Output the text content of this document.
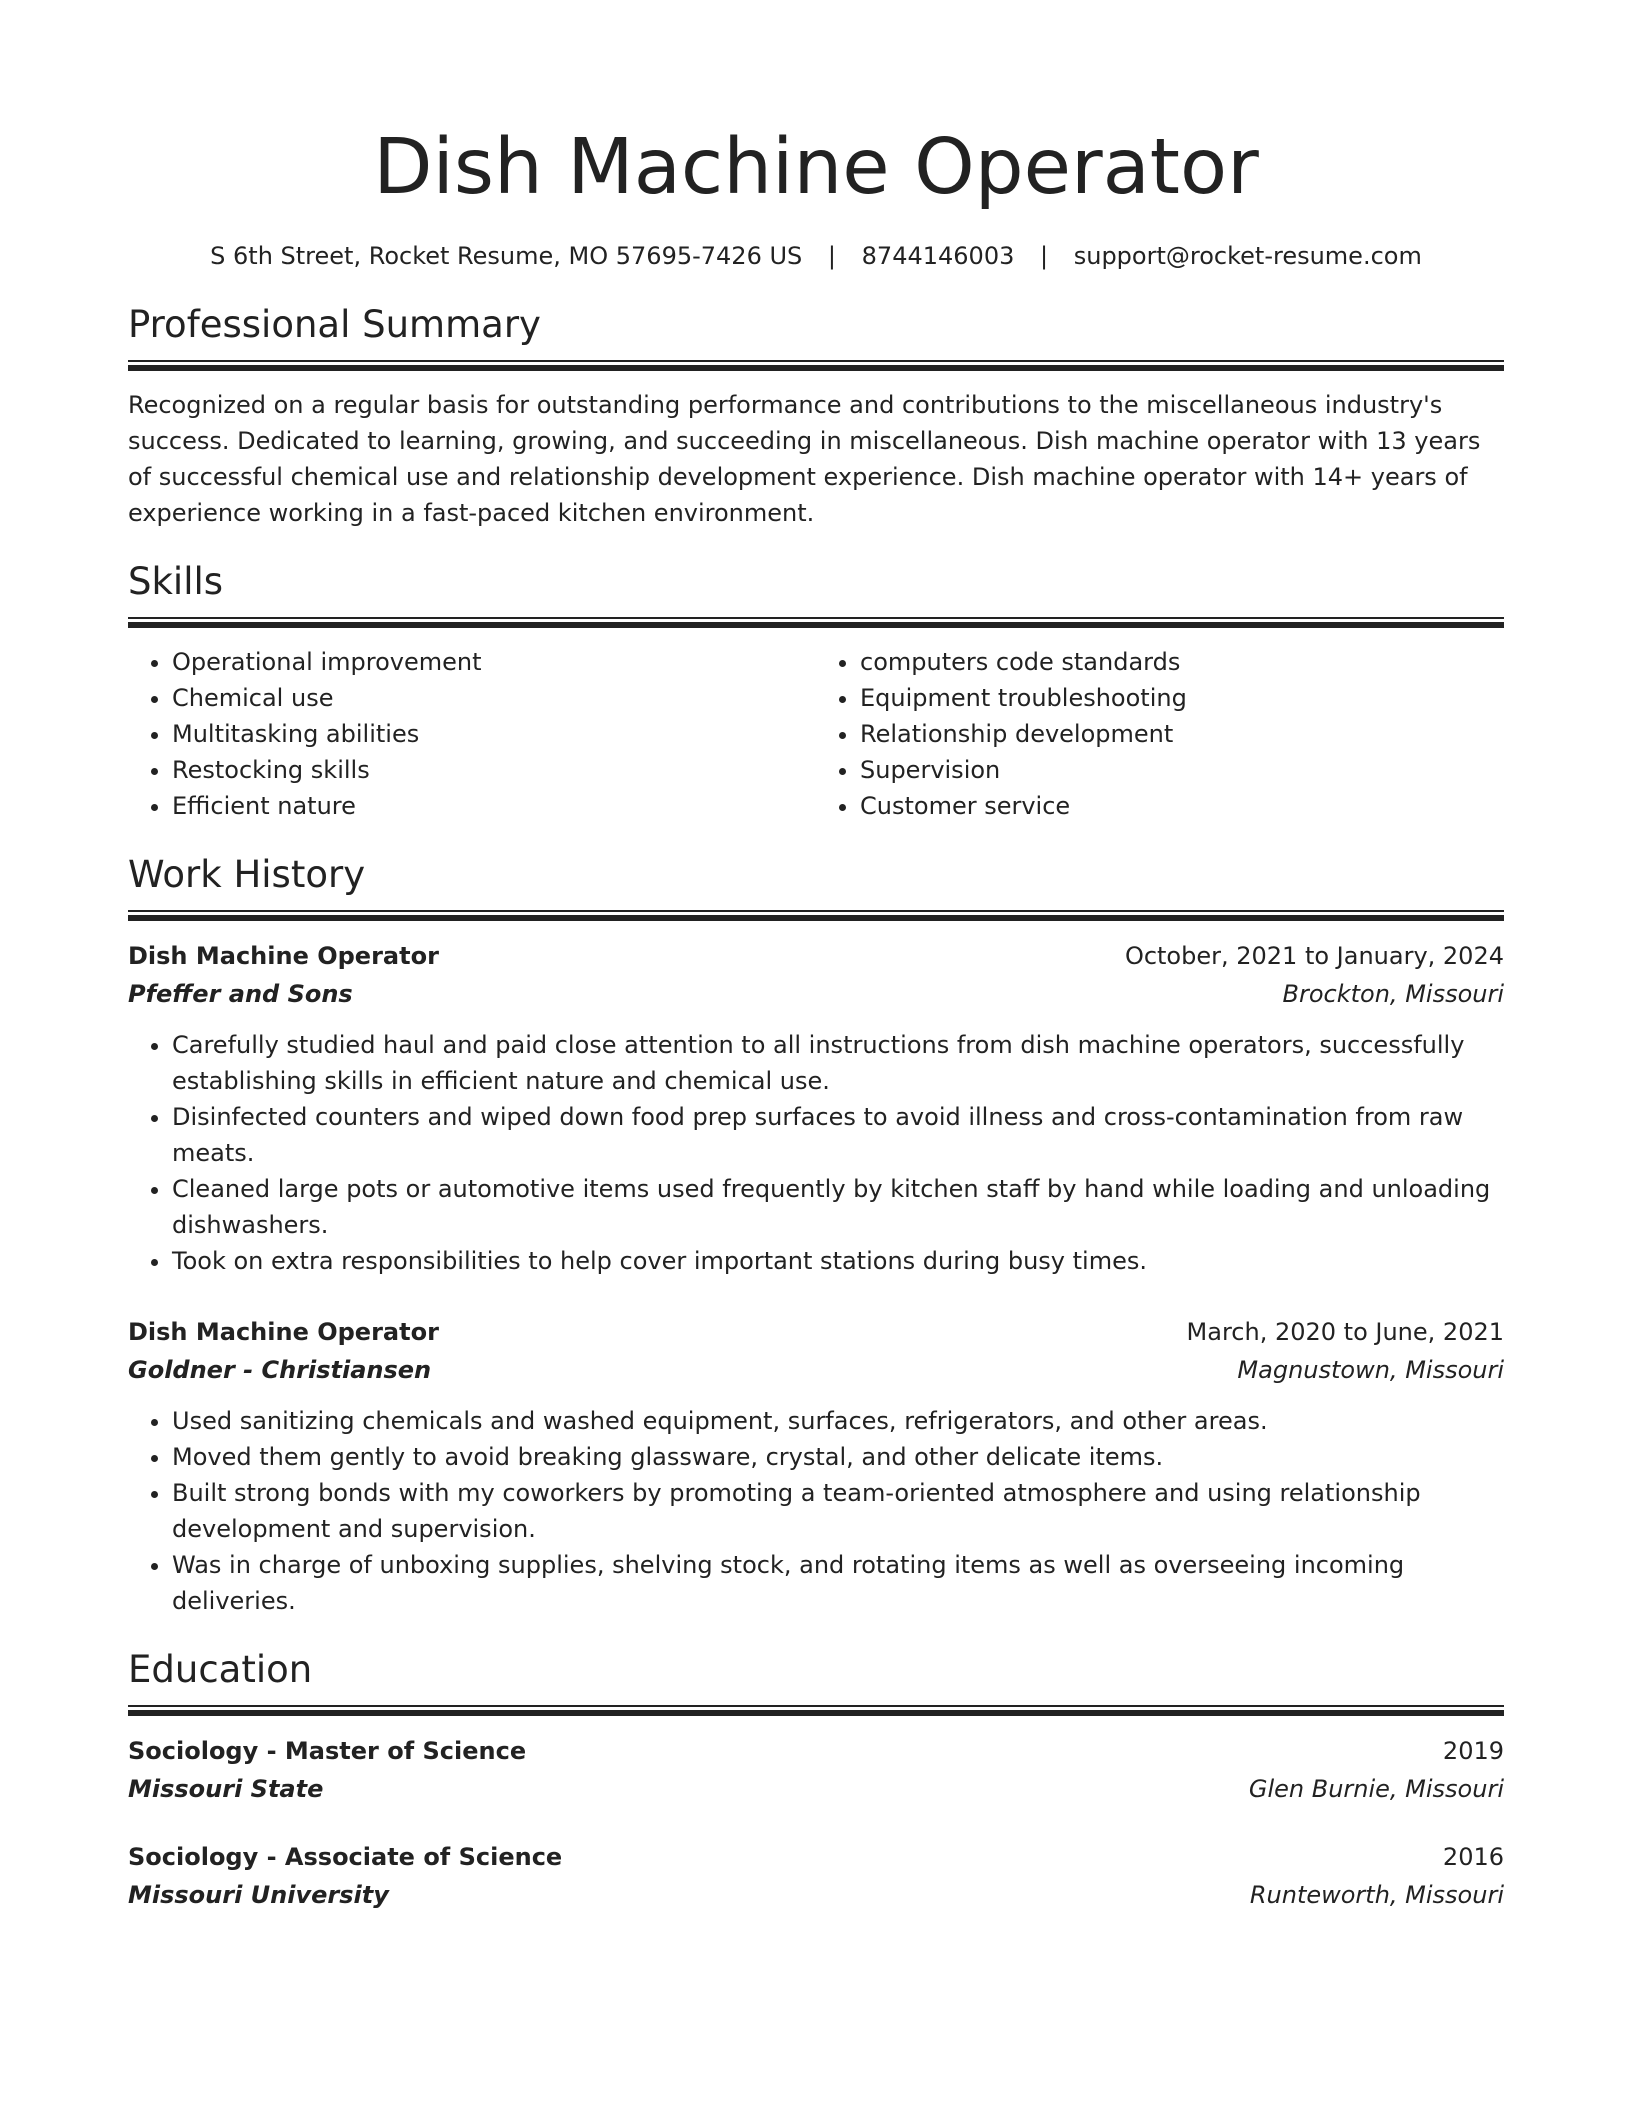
Dish Machine Operator
S 6th Street, Rocket Resume, MO 57695-7426 US | 8744146003 | support@rocket-resume.com
Professional Summary

Recognized on a regular basis for outstanding performance and contributions to the miscellaneous industry's success. Dedicated to learning, growing, and succeeding in miscellaneous. Dish machine operator with 13 years of successful chemical use and relationship development experience. Dish machine operator with 14+ years of experience working in a fast-paced kitchen environment.

Skills
• Operational improvement
• Chemical use
• Multitasking abilities
• Restocking skills
• Efficient nature
• computers code standards
• Equipment troubleshooting
• Relationship development
• Supervision
• Customer service
Work History
Dish Machine Operator	October, 2021 to January, 2024
Pfeffer and Sons	Brockton, Missouri
• Carefully studied haul and paid close attention to all instructions from dish machine operators, successfully establishing skills in efficient nature and chemical use.
• Disinfected counters and wiped down food prep surfaces to avoid illness and cross-contamination from raw meats.
• Cleaned large pots or automotive items used frequently by kitchen staff by hand while loading and unloading dishwashers.
• Took on extra responsibilities to help cover important stations during busy times.
Dish Machine Operator	March, 2020 to June, 2021
Goldner - Christiansen	Magnustown, Missouri
• Used sanitizing chemicals and washed equipment, surfaces, refrigerators, and other areas.
• Moved them gently to avoid breaking glassware, crystal, and other delicate items.
• Built strong bonds with my coworkers by promoting a team-oriented atmosphere and using relationship development and supervision.
• Was in charge of unboxing supplies, shelving stock, and rotating items as well as overseeing incoming deliveries.
Education
Sociology - Master of Science	2019
Missouri State	Glen Burnie, Missouri
Sociology - Associate of Science	2016
Missouri University	Runteworth, Missouri
